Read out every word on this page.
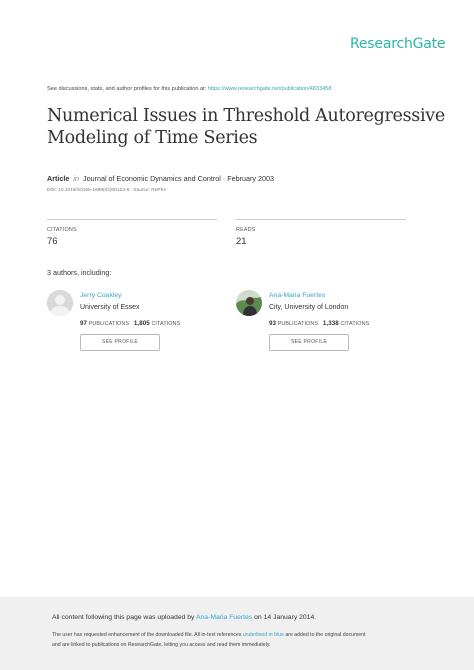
ResearchGate
See discussions, stats, and author profiles for this publication at: https://www.researchgate.net/publication/4833458
Numerical Issues in Threshold Autoregressive
Modeling of Time Series
Article in Journal of Economic Dynamics and Control · February 2003
DOI: 10.1016/S0165-1889(02)00123-8 · Source: RePEc
CITATIONS
76
READS
21
3 authors, including:
Jerry Coakley
University of Essex
97 PUBLICATIONS 1,805 CITATIONS
SEE PROFILE
Ana-Maria Fuertes
City, University of London
93 PUBLICATIONS 1,338 CITATIONS
SEE PROFILE
All content following this page was uploaded by Ana-Maria Fuertes on 14 January 2014.
The user has requested enhancement of the downloaded file. All in-text references underlined in blue are added to the original document
and are linked to publications on ResearchGate, letting you access and read them immediately.
